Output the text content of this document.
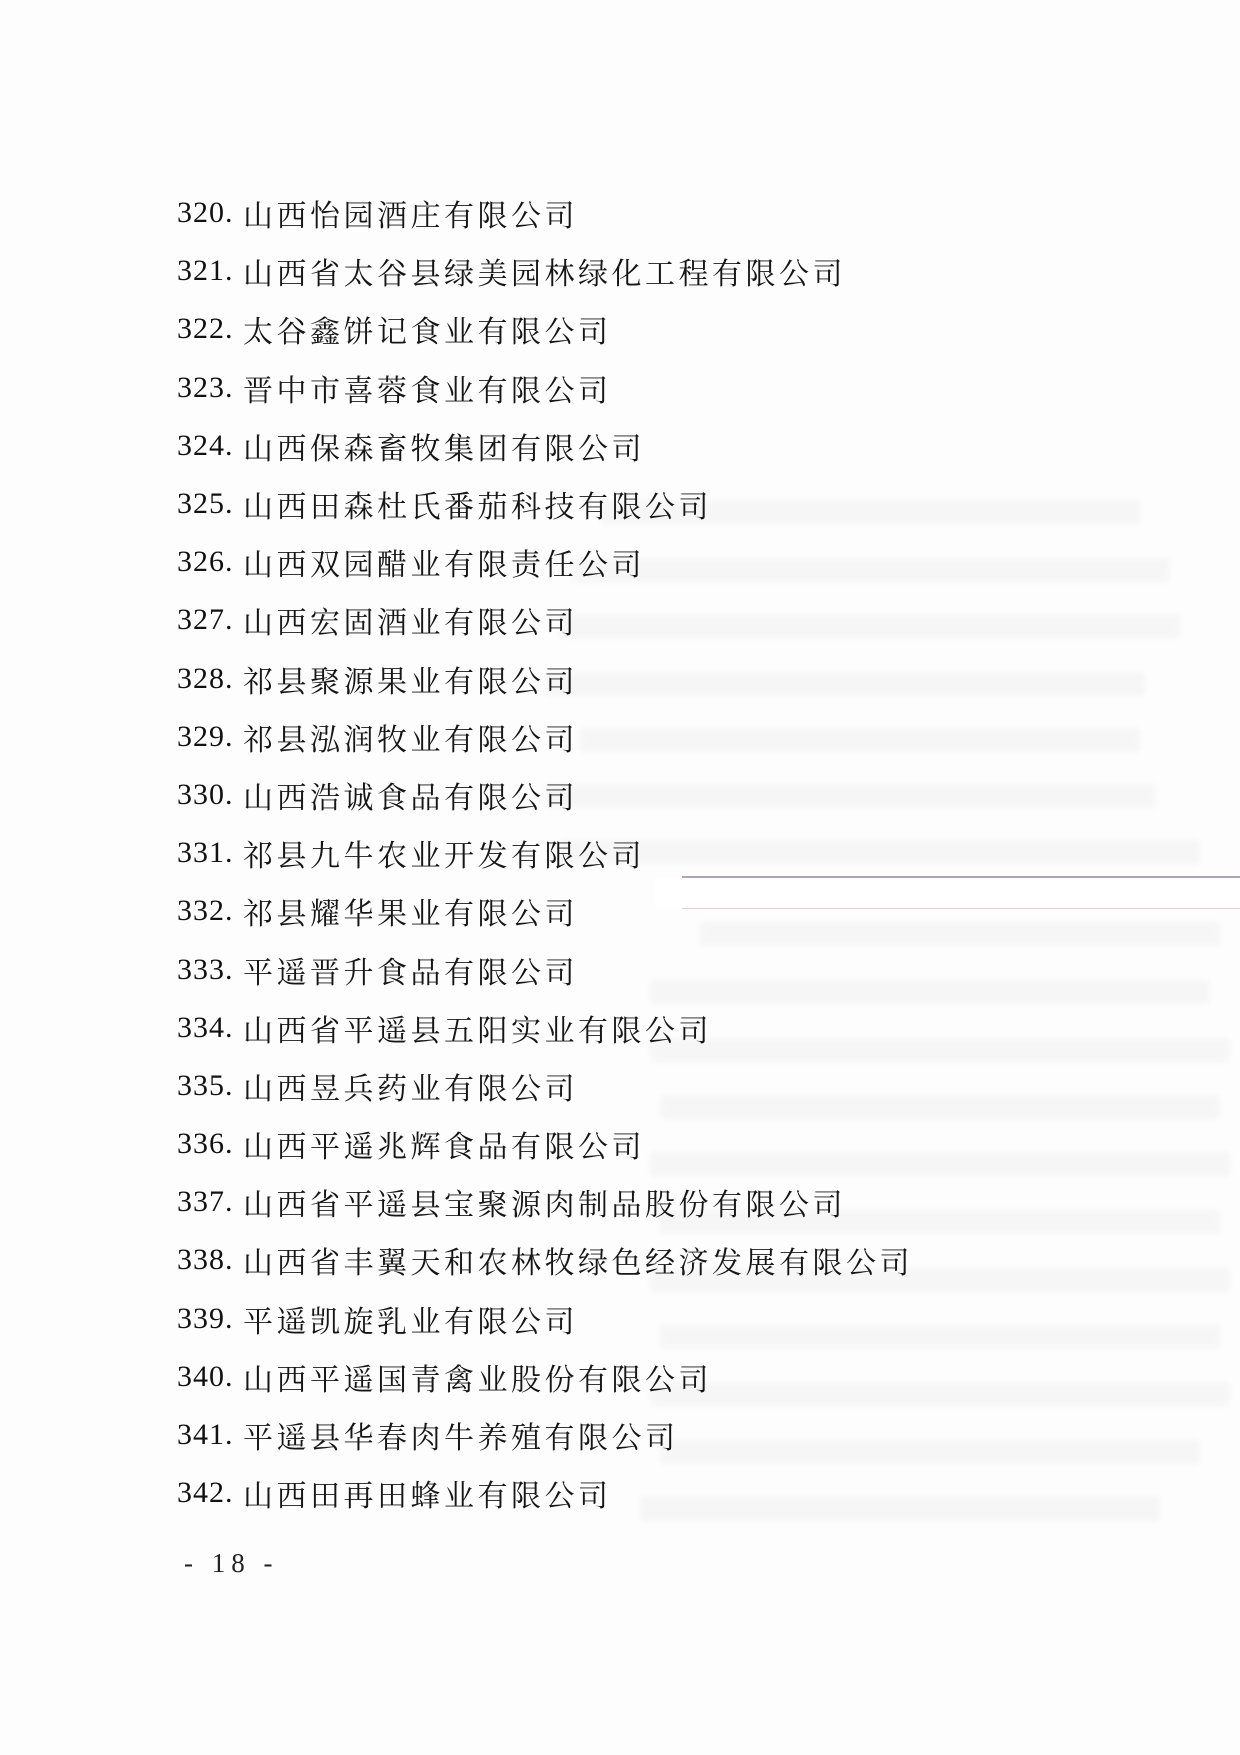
320. 山西怡园酒庄有限公司
321. 山西省太谷县绿美园林绿化工程有限公司
322. 太谷鑫饼记食业有限公司
323. 晋中市喜蓉食业有限公司
324. 山西保森畜牧集团有限公司
325. 山西田森杜氏番茄科技有限公司
326. 山西双园醋业有限责任公司
327. 山西宏固酒业有限公司
328. 祁县聚源果业有限公司
329. 祁县泓润牧业有限公司
330. 山西浩诚食品有限公司
331. 祁县九牛农业开发有限公司
332. 祁县耀华果业有限公司
333. 平遥晋升食品有限公司
334. 山西省平遥县五阳实业有限公司
335. 山西昱兵药业有限公司
336. 山西平遥兆辉食品有限公司
337. 山西省平遥县宝聚源肉制品股份有限公司
338. 山西省丰翼天和农林牧绿色经济发展有限公司
339. 平遥凯旋乳业有限公司
340. 山西平遥国青禽业股份有限公司
341. 平遥县华春肉牛养殖有限公司
342. 山西田再田蜂业有限公司
- 18 -
